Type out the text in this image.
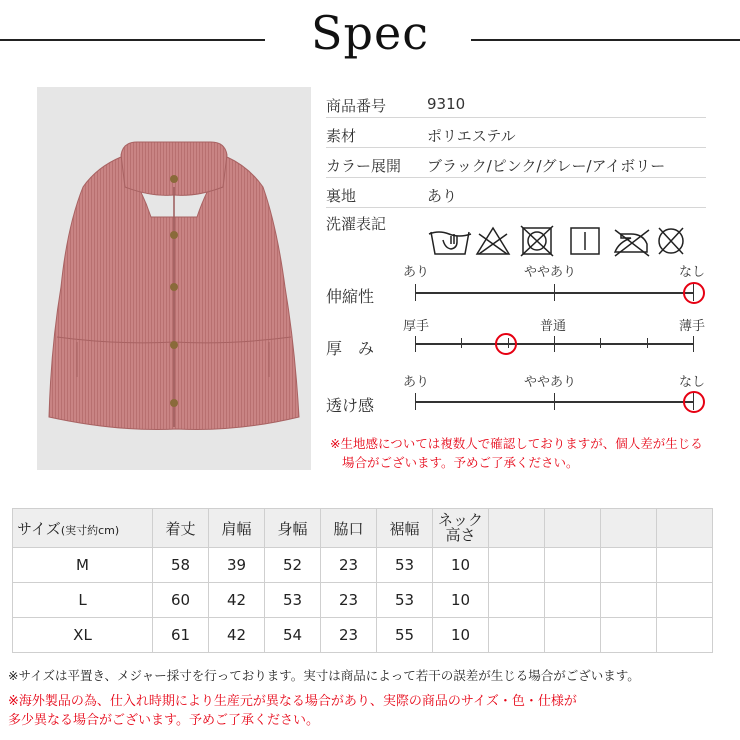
Spec
商品番号	9310
素材	ポリエステル
カラー展開 ブラック/ピンク/グレー/アイボリー
裏地	あり
洗濯表記
あり	ややあり	なし
伸縮性
厚手	普通	薄手
厚　み
あり	ややあり	なし
透け感
※生地感については複数人で確認しておりますが、個人差が生じる
場合がございます。予めご了承ください。
サイズ(実寸約cm)	着丈	肩幅	身幅	脇口	裾幅	ネック
高さ				

M	58	39	52	23	53	10				
L	60	42	53	23	53	10				
XL	61	42	54	23	55	10				
※サイズは平置き、メジャー採寸を行っております。実寸は商品によって若干の誤差が生じる場合がございます。
※海外製品の為、仕入れ時期により生産元が異なる場合があり、実際の商品のサイズ・色・仕様が
多少異なる場合がございます。予めご了承ください。
